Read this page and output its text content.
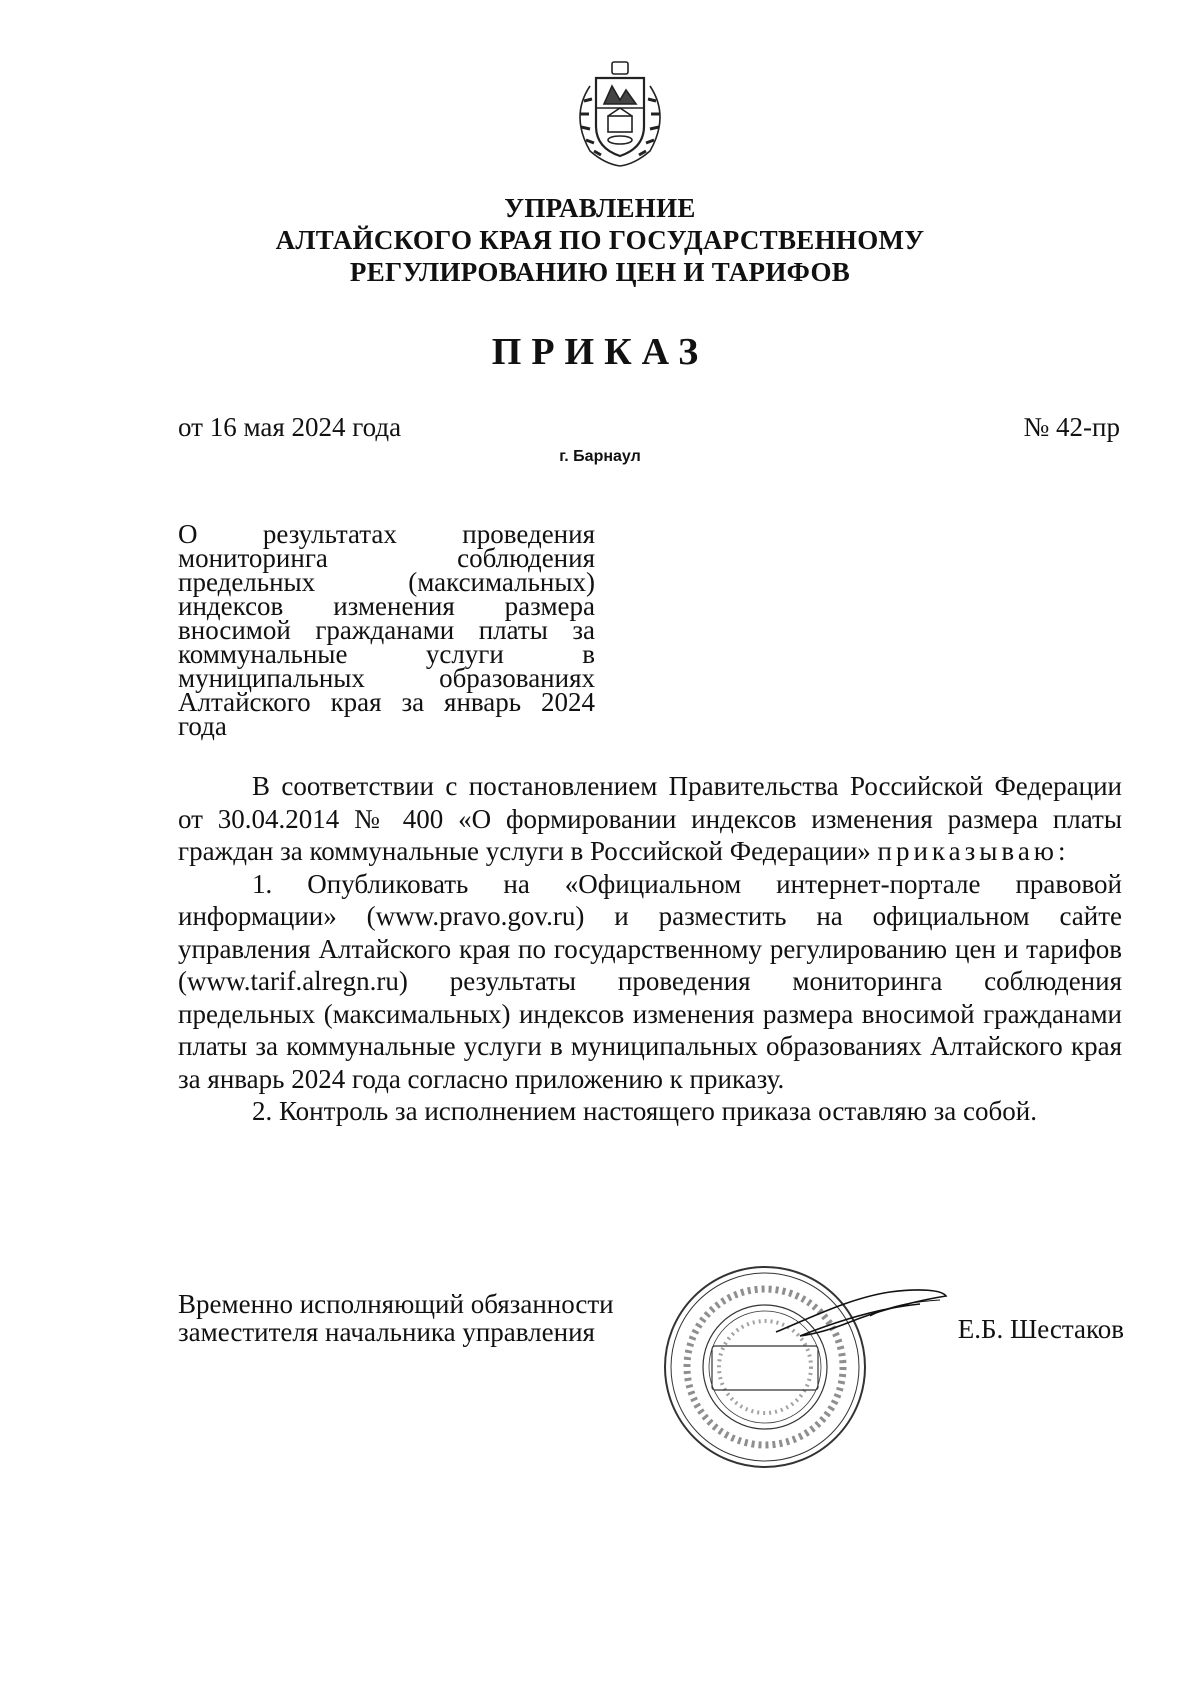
УПРАВЛЕНИЕ
АЛТАЙСКОГО КРАЯ ПО ГОСУДАРСТВЕННОМУ
РЕГУЛИРОВАНИЮ ЦЕН И ТАРИФОВ
ПРИКАЗ
от 16 мая 2024 года	№ 42-пр
г. Барнаул
О результатах проведения мониторинга соблюдения предельных (максимальных) индексов изменения размера вносимой гражданами платы за коммунальные услуги в муниципальных образованиях Алтайского края за январь 2024 года

В соответствии с постановлением Правительства Российской Федерации от 30.04.2014 № 400 «О формировании индексов изменения размера платы граждан за коммунальные услуги в Российской Федерации» приказываю:

1. Опубликовать на «Официальном интернет-портале правовой информации» (www.pravo.gov.ru) и разместить на официальном сайте управления Алтайского края по государственному регулированию цен и тарифов (www.tarif.alregn.ru) результаты проведения мониторинга соблюдения предельных (максимальных) индексов изменения размера вносимой гражданами платы за коммунальные услуги в муниципальных образованиях Алтайского края за январь 2024 года согласно приложению к приказу.

2. Контроль за исполнением настоящего приказа оставляю за собой.

Временно исполняющий обязанности
заместителя начальника управления	Е.Б. Шестаков
